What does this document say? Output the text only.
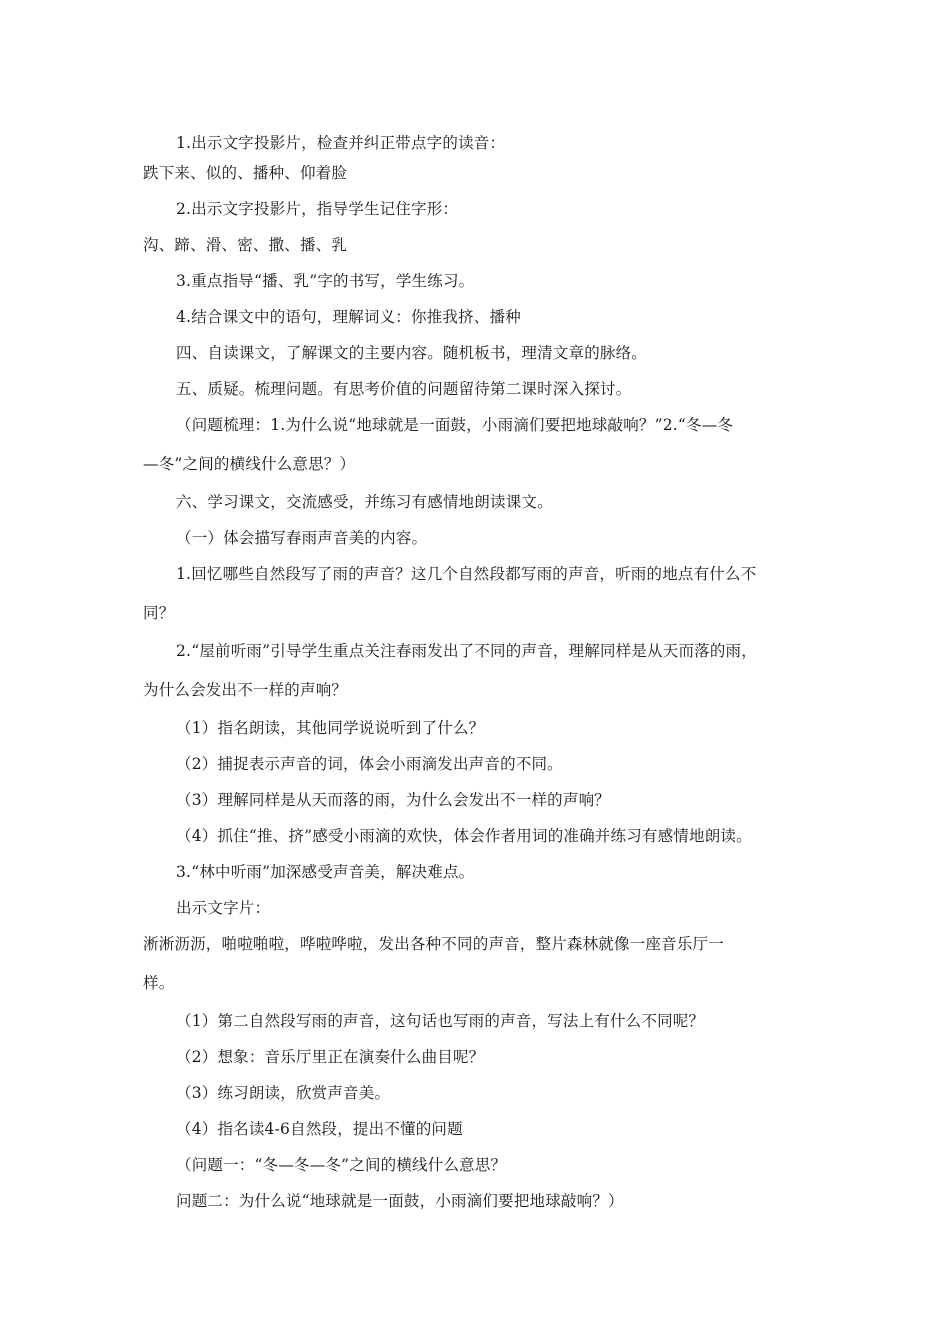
1.出示文字投影片，检查并纠正带点字的读音：
跌下来、似的、播种、仰着脸
2.出示文字投影片，指导学生记住字形：
沟、蹄、滑、密、撒、播、乳
3.重点指导“播、乳”字的书写，学生练习。
4.结合课文中的语句，理解词义：你推我挤、播种
四、自读课文，了解课文的主要内容。随机板书，理清文章的脉络。
五、质疑。梳理问题。有思考价值的问题留待第二课时深入探讨。
（问题梳理：1.为什么说“地球就是一面鼓，小雨滴们要把地球敲响？”2.“冬—冬
—冬”之间的横线什么意思？）
六、学习课文，交流感受，并练习有感情地朗读课文。
（一）体会描写春雨声音美的内容。
1.回忆哪些自然段写了雨的声音？这几个自然段都写雨的声音，听雨的地点有什么不
同？
2.“屋前听雨”引导学生重点关注春雨发出了不同的声音，理解同样是从天而落的雨，
为什么会发出不一样的声响？
（1）指名朗读，其他同学说说听到了什么？
（2）捕捉表示声音的词，体会小雨滴发出声音的不同。
（3）理解同样是从天而落的雨，为什么会发出不一样的声响？
（4）抓住“推、挤”感受小雨滴的欢快，体会作者用词的准确并练习有感情地朗读。
3.“林中听雨”加深感受声音美，解决难点。
出示文字片：
淅淅沥沥，啪啦啪啦，哗啦哗啦，发出各种不同的声音，整片森林就像一座音乐厅一
样。
（1）第二自然段写雨的声音，这句话也写雨的声音，写法上有什么不同呢？
（2）想象：音乐厅里正在演奏什么曲目呢？
（3）练习朗读，欣赏声音美。
（4）指名读4-6自然段，提出不懂的问题
（问题一：“冬—冬—冬”之间的横线什么意思？
问题二：为什么说“地球就是一面鼓，小雨滴们要把地球敲响？）
